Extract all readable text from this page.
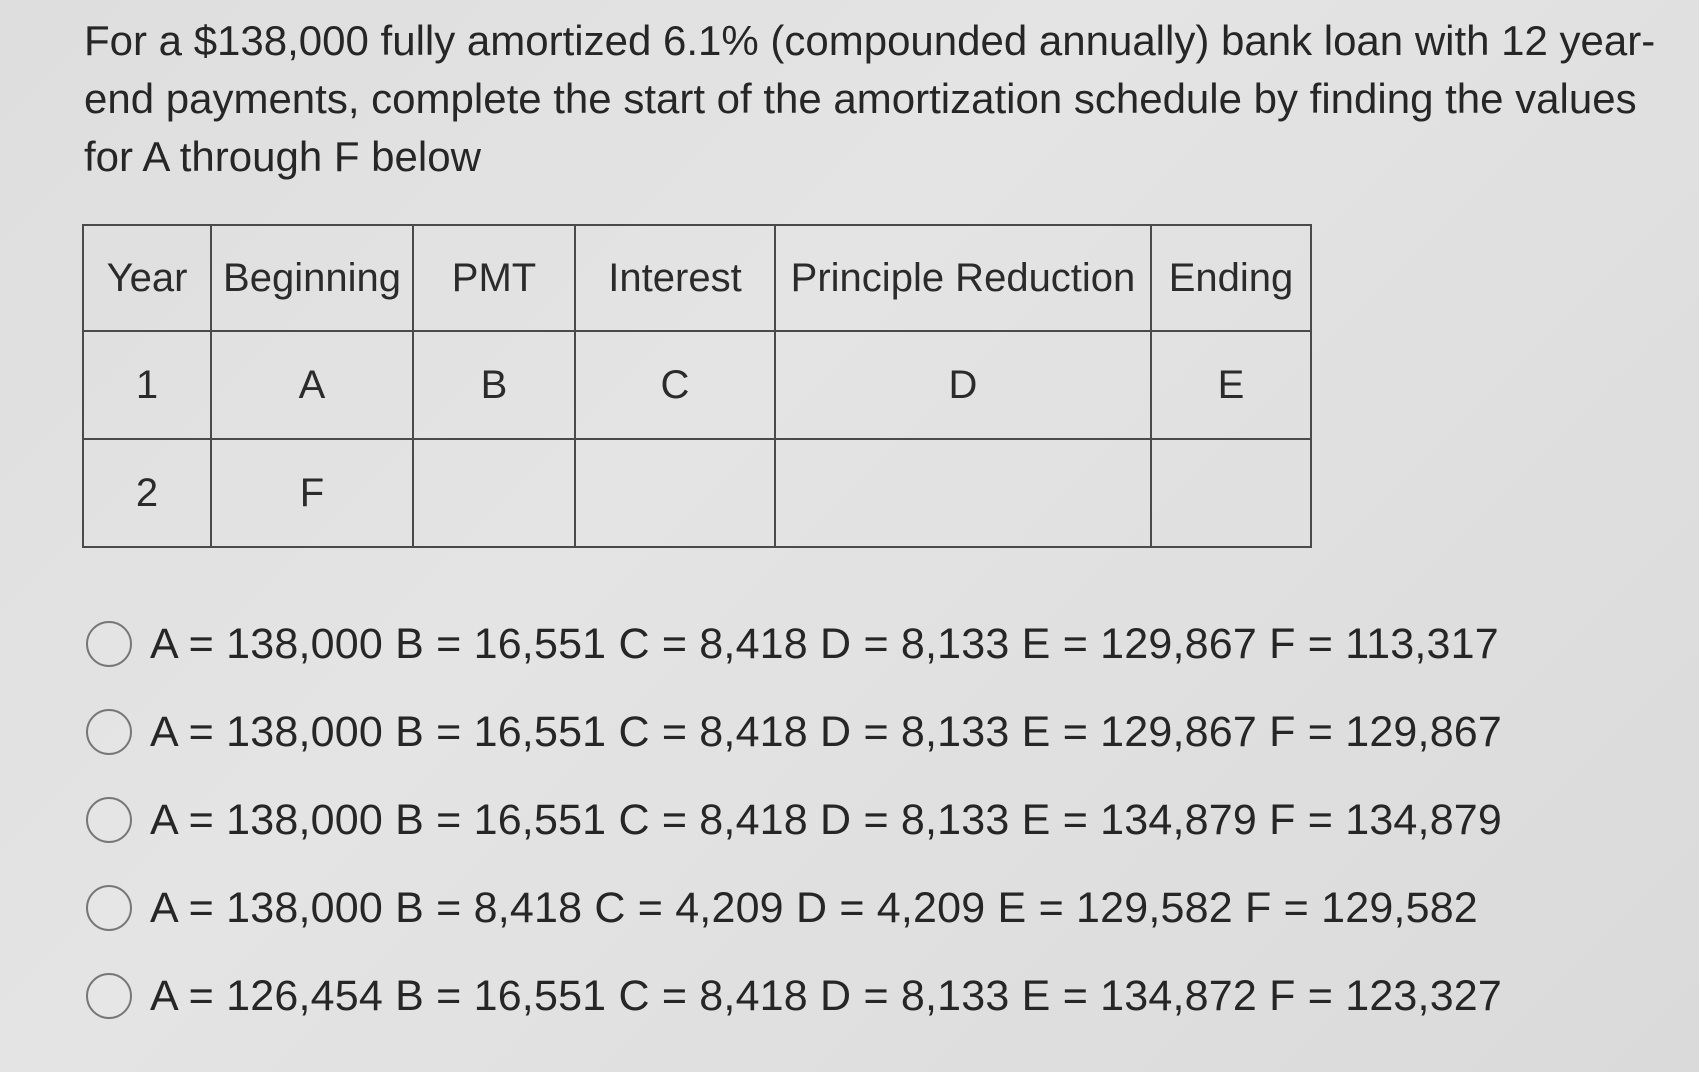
For a $138,000 fully amortized 6.1% (compounded annually) bank loan with 12 year-
end payments, complete the start of the amortization schedule by finding the values
for A through F below
Year	Beginning	PMT	Interest	Principle Reduction	Ending
1	A	B	C	D	E
2	F				
A = 138,000 B = 16,551 C = 8,418 D = 8,133 E = 129,867 F = 113,317
A = 138,000 B = 16,551 C = 8,418 D = 8,133 E = 129,867 F = 129,867
A = 138,000 B = 16,551 C = 8,418 D = 8,133 E = 134,879 F = 134,879
A = 138,000 B = 8,418 C = 4,209 D = 4,209 E = 129,582 F = 129,582
A = 126,454 B = 16,551 C = 8,418 D = 8,133 E = 134,872 F = 123,327
